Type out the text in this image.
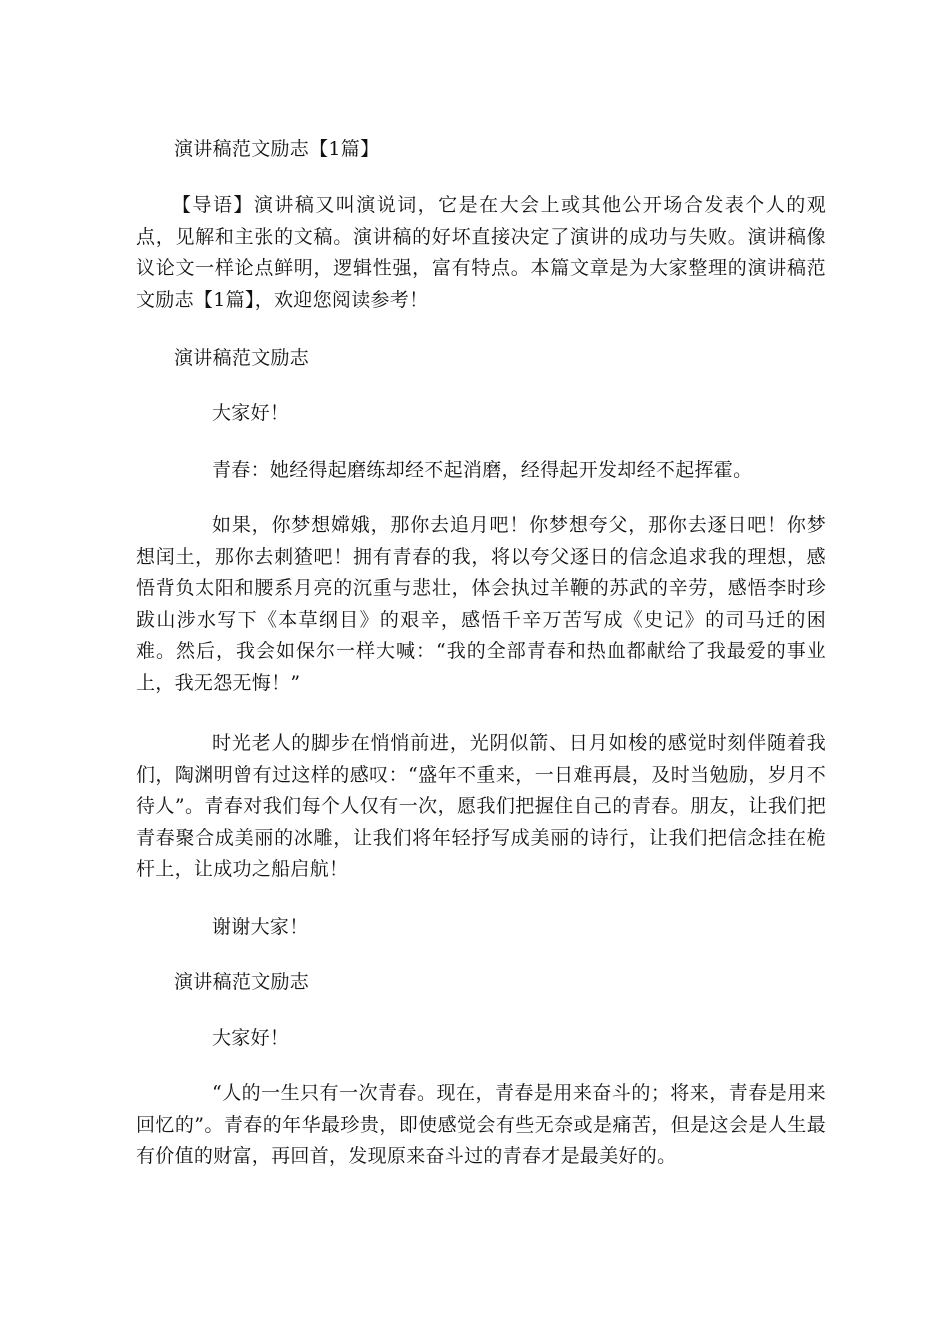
演讲稿范文励志【1篇】
【导语】演讲稿又叫演说词，它是在大会上或其他公开场合发表个人的观点，见解和主张的文稿。演讲稿的好坏直接决定了演讲的成功与失败。演讲稿像议论文一样论点鲜明，逻辑性强，富有特点。本篇文章是为大家整理的演讲稿范文励志【1篇】，欢迎您阅读参考！
演讲稿范文励志
大家好！
青春：她经得起磨练却经不起消磨，经得起开发却经不起挥霍。
如果，你梦想嫦娥，那你去追月吧！你梦想夸父，那你去逐日吧！你梦想闰土，那你去刺猹吧！拥有青春的我，将以夸父逐日的信念追求我的理想，感悟背负太阳和腰系月亮的沉重与悲壮，体会执过羊鞭的苏武的辛劳，感悟李时珍跋山涉水写下《本草纲目》的艰辛，感悟千辛万苦写成《史记》的司马迁的困难。然后，我会如保尔一样大喊：“我的全部青春和热血都献给了我最爱的事业上，我无怨无悔！”
时光老人的脚步在悄悄前进，光阴似箭、日月如梭的感觉时刻伴随着我们，陶渊明曾有过这样的感叹：“盛年不重来，一日难再晨，及时当勉励，岁月不待人”。青春对我们每个人仅有一次，愿我们把握住自己的青春。朋友，让我们把青春聚合成美丽的冰雕，让我们将年轻抒写成美丽的诗行，让我们把信念挂在桅杆上，让成功之船启航！
谢谢大家！
演讲稿范文励志
大家好！
“人的一生只有一次青春。现在，青春是用来奋斗的；将来，青春是用来回忆的”。青春的年华最珍贵，即使感觉会有些无奈或是痛苦，但是这会是人生最有价值的财富，再回首，发现原来奋斗过的青春才是最美好的。
